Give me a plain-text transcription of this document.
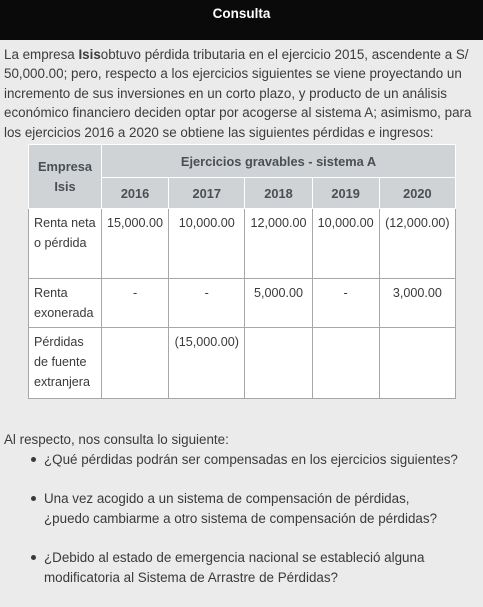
Consulta
La empresa Isisobtuvo pérdida tributaria en el ejercicio 2015, ascendente a S/ 50,000.00; pero, respecto a los ejercicios siguientes se viene proyectando un incremento de sus inversiones en un corto plazo, y producto de un análisis económico financiero deciden optar por acogerse al sistema A; asimismo, para los ejercicios 2016 a 2020 se obtiene las siguientes pérdidas e ingresos:
Empresa
Isis	Ejercicios gravables - sistema A				
	2016	2017	2018	2019	2020
Renta neta o pérdida	15,000.00	10,000.00	12,000.00	10,000.00	(12,000.00)
Renta exonerada	-	-	5,000.00	-	3,000.00
Pérdidas de fuente extranjera		(15,000.00)			
Al respecto, nos consulta lo siguiente:
¿Qué pérdidas podrán ser compensadas en los ejercicios siguientes?
Una vez acogido a un sistema de compensación de pérdidas, ¿puedo cambiarme a otro sistema de compensación de pérdidas?
¿Debido al estado de emergencia nacional se estableció alguna modificatoria al Sistema de Arrastre de Pérdidas?
